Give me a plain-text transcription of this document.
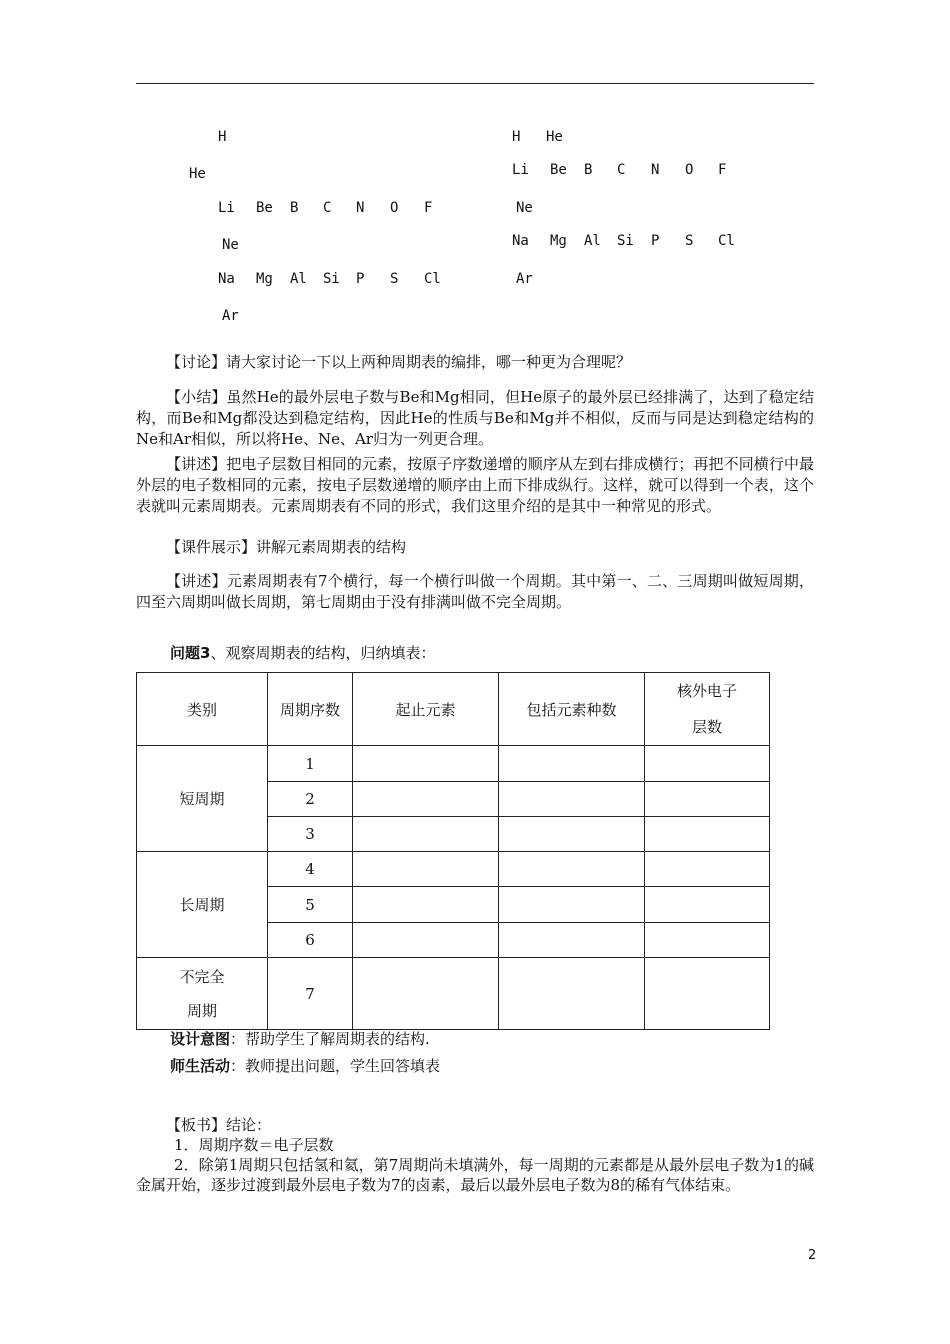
H
He
Li Be B C N O F
Ne
Na Mg Al Si P S Cl
Ar
H He
Li Be B C N O F
Ne
Na Mg Al Si P S Cl
Ar
【讨论】请大家讨论一下以上两种周期表的编排，哪一种更为合理呢？
【小结】虽然He的最外层电子数与Be和Mg相同，但He原子的最外层已经排满了，达到了稳定结构，而Be和Mg都没达到稳定结构，因此He的性质与Be和Mg并不相似，反而与同是达到稳定结构的Ne和Ar相似，所以将He、Ne、Ar归为一列更合理。
【讲述】把电子层数目相同的元素，按原子序数递增的顺序从左到右排成横行；再把不同横行中最外层的电子数相同的元素，按电子层数递增的顺序由上而下排成纵行。这样，就可以得到一个表，这个表就叫元素周期表。元素周期表有不同的形式，我们这里介绍的是其中一种常见的形式。
【课件展示】讲解元素周期表的结构
【讲述】元素周期表有7个横行，每一个横行叫做一个周期。其中第一、二、三周期叫做短周期，四至六周期叫做长周期，第七周期由于没有排满叫做不完全周期。
问题3、观察周期表的结构，归纳填表：
类别	周期序数	起止元素	包括元素种数	核外电子
层数
短周期	1			
	2			
	3			
长周期	4			
	5			
	6			
不完全
周期	7			
设计意图：帮助学生了解周期表的结构.
师生活动：教师提出问题，学生回答填表
【板书】结论：
1．周期序数＝电子层数
2．除第1周期只包括氢和氦，第7周期尚未填满外，每一周期的元素都是从最外层电子数为1的碱金属开始，逐步过渡到最外层电子数为7的卤素，最后以最外层电子数为8的稀有气体结束。
2
